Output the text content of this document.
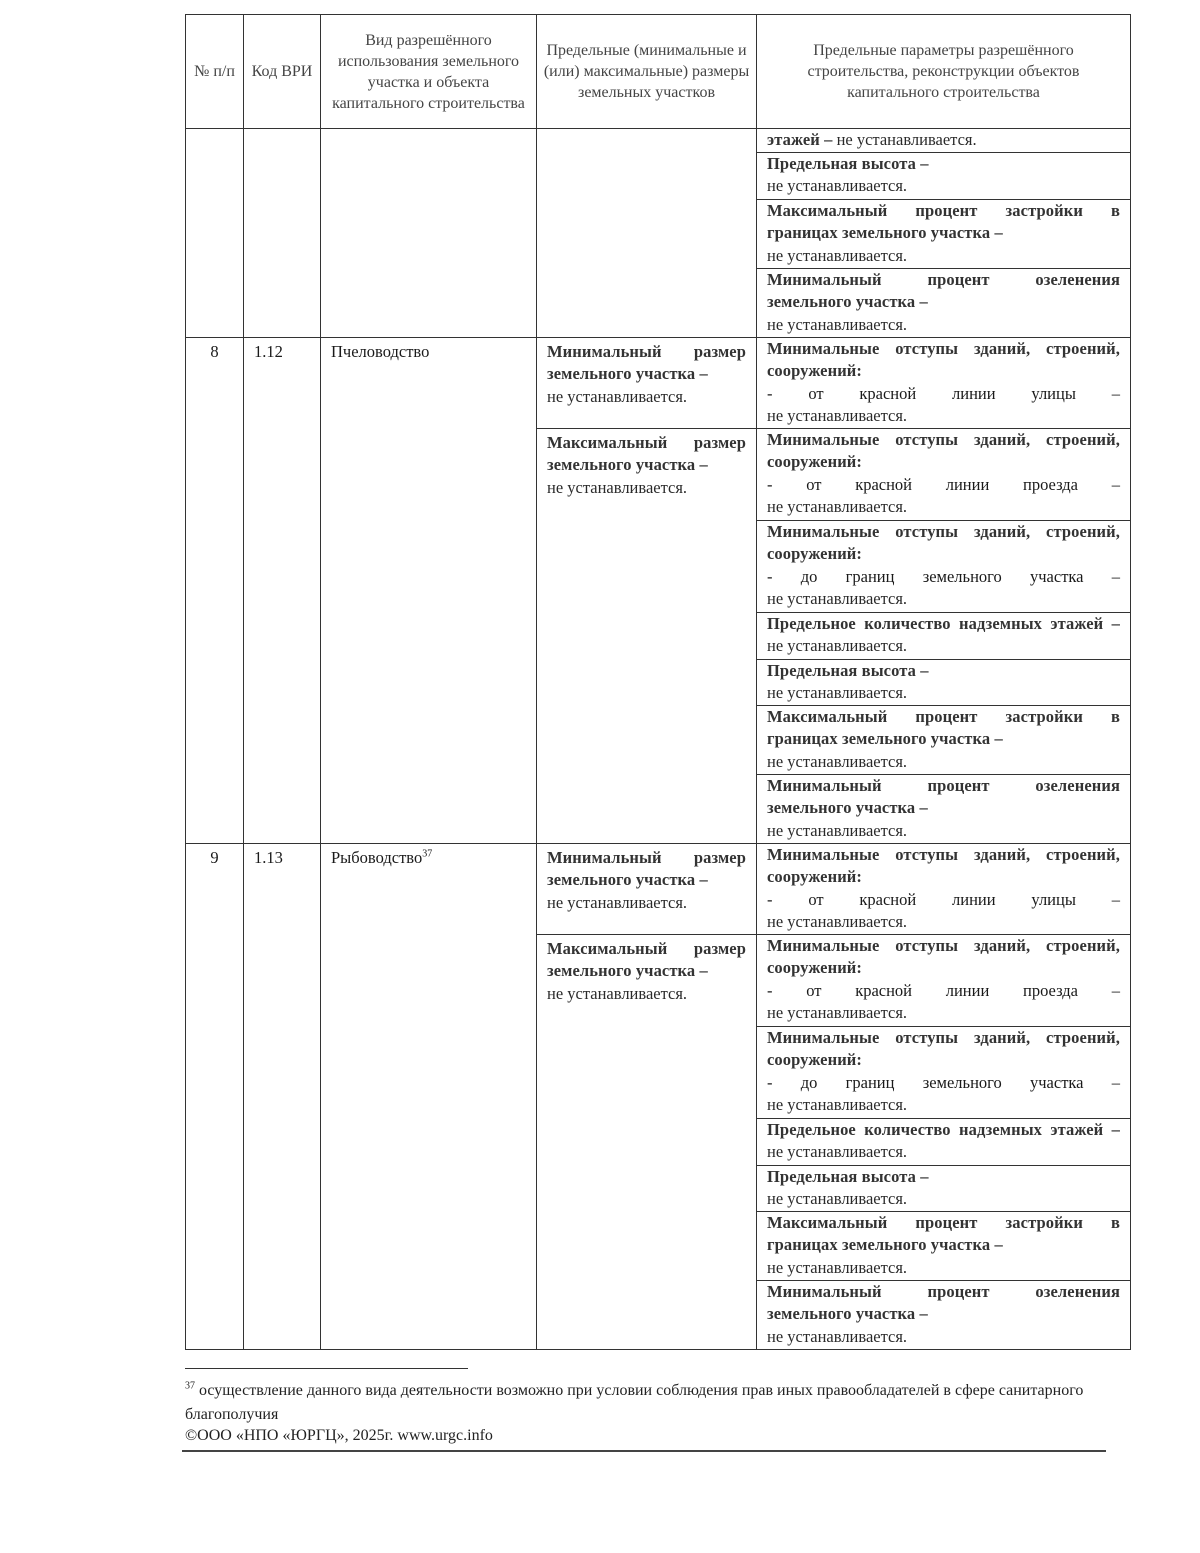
№ п/п	Код ВРИ	Вид разрешённого использования земельного участка и объекта капитального строительства	Предельные (минимальные и (или) максимальные) размеры земельных участков	Предельные параметры разрешённого строительства, реконструкции объектов капитального строительства
				этажей – не устанавливается.
				Предельная высота –
не устанавливается.

				Максимальный процент застройки в границах земельного участка –
не устанавливается.

				Минимальный процент озеленения земельного участка –
не устанавливается.

8	1.12	Пчеловодство	Минимальный размер земельного участка –
не устанавливается.	Минимальные отступы зданий, строений, сооружений:
- от красной линии улицы –
не устанавливается.

			Максимальный размер земельного участка –
не устанавливается.	Минимальные отступы зданий, строений, сооружений:
- от красной линии проезда –
не устанавливается.

				Минимальные отступы зданий, строений, сооружений:
- до границ земельного участка –
не устанавливается.

				Предельное количество надземных этажей – не устанавливается.
				Предельная высота –
не устанавливается.

				Максимальный процент застройки в границах земельного участка –
не устанавливается.

				Минимальный процент озеленения земельного участка –
не устанавливается.

9	1.13	Рыбоводство$^{37}$	Минимальный размер земельного участка –
не устанавливается.	Минимальные отступы зданий, строений, сооружений:
- от красной линии улицы –
не устанавливается.

			Максимальный размер земельного участка –
не устанавливается.	Минимальные отступы зданий, строений, сооружений:
- от красной линии проезда –
не устанавливается.

				Минимальные отступы зданий, строений, сооружений:
- до границ земельного участка –
не устанавливается.

				Предельное количество надземных этажей – не устанавливается.
				Предельная высота –
не устанавливается.

				Максимальный процент застройки в границах земельного участка –
не устанавливается.

				Минимальный процент озеленения земельного участка –
не устанавливается.
$^{37}$ осуществление данного вида деятельности возможно при условии соблюдения прав иных правообладателей в сфере санитарного благополучия
©ООО «НПО «ЮРГЦ», 2025г. www.urgc.info
